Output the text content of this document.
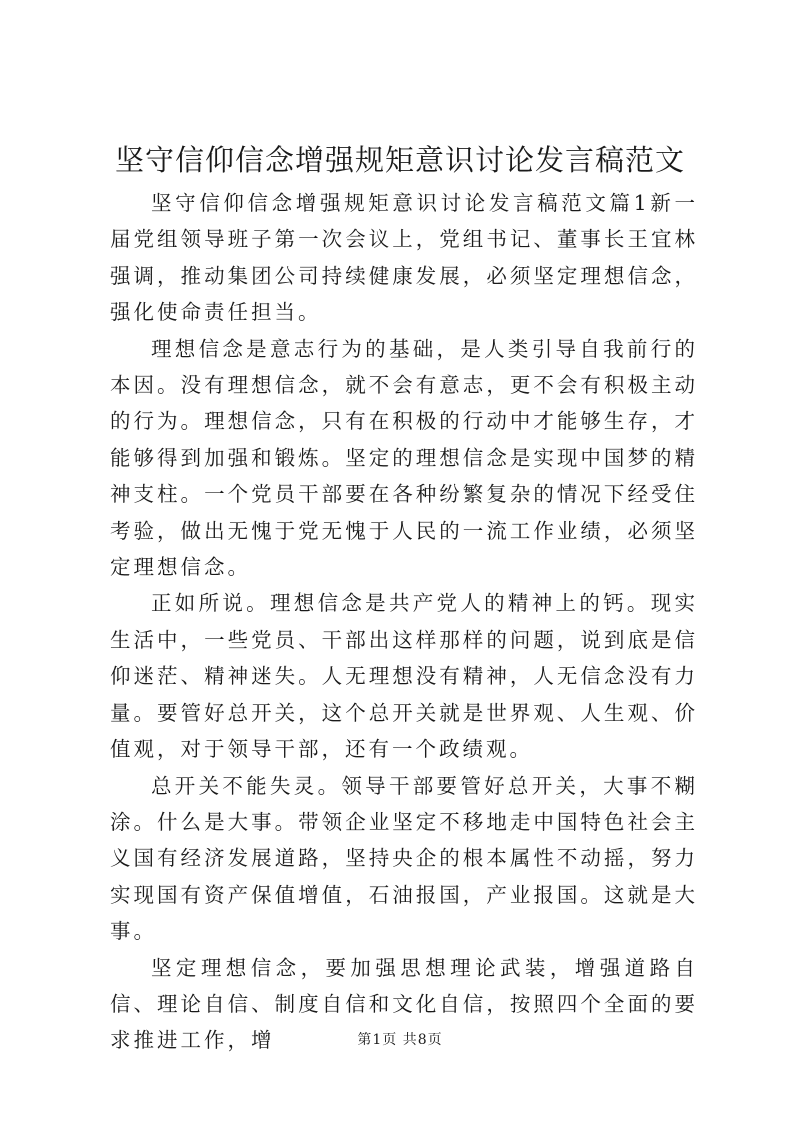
坚守信仰信念增强规矩意识讨论发言稿范文

坚守信仰信念增强规矩意识讨论发言稿范文篇1新一届党组领导班子第一次会议上，党组书记、董事长王宜林强调，推动集团公司持续健康发展，必须坚定理想信念，强化使命责任担当。

理想信念是意志行为的基础，是人类引导自我前行的本因。没有理想信念，就不会有意志，更不会有积极主动的行为。理想信念，只有在积极的行动中才能够生存，才能够得到加强和锻炼。坚定的理想信念是实现中国梦的精神支柱。一个党员干部要在各种纷繁复杂的情况下经受住考验，做出无愧于党无愧于人民的一流工作业绩，必须坚定理想信念。

正如所说。理想信念是共产党人的精神上的钙。现实生活中，一些党员、干部出这样那样的问题，说到底是信仰迷茫、精神迷失。人无理想没有精神，人无信念没有力量。要管好总开关，这个总开关就是世界观、人生观、价值观，对于领导干部，还有一个政绩观。

总开关不能失灵。领导干部要管好总开关，大事不糊涂。什么是大事。带领企业坚定不移地走中国特色社会主义国有经济发展道路，坚持央企的根本属性不动摇，努力实现国有资产保值增值，石油报国，产业报国。这就是大事。

坚定理想信念，要加强思想理论武装，增强道路自信、理论自信、制度自信和文化自信，按照四个全面的要求推进工作，增	第1页 共8页
